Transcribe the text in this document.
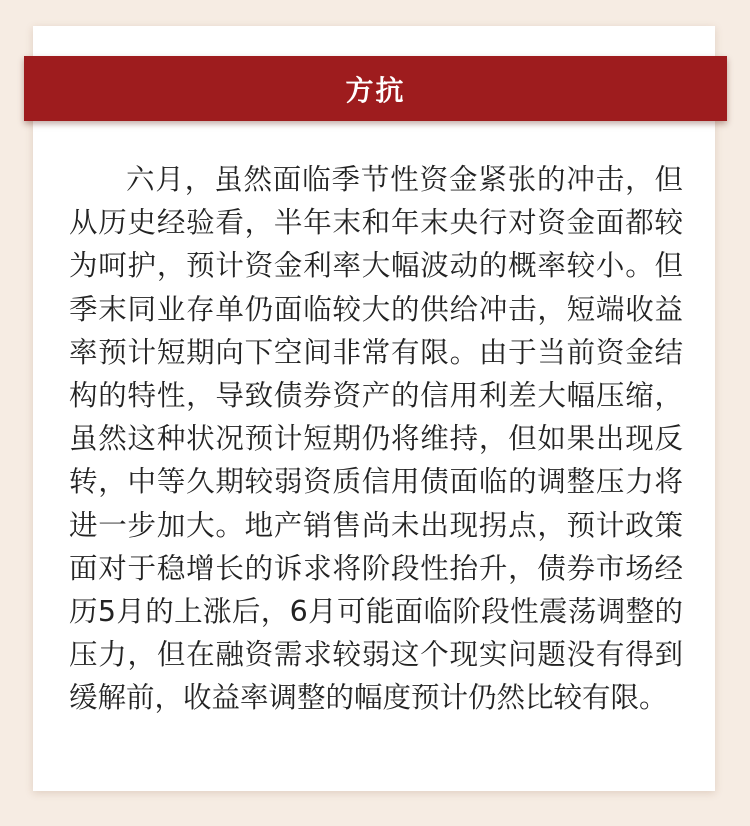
方抗

六月，虽然面临季节性资金紧张的冲击，但从历史经验看，半年末和年末央行对资金面都较为呵护，预计资金利率大幅波动的概率较小。但季末同业存单仍面临较大的供给冲击，短端收益率预计短期向下空间非常有限。由于当前资金结构的特性，导致债券资产的信用利差大幅压缩，虽然这种状况预计短期仍将维持，但如果出现反转，中等久期较弱资质信用债面临的调整压力将进一步加大。地产销售尚未出现拐点，预计政策面对于稳增长的诉求将阶段性抬升，债券市场经历5月的上涨后，6月可能面临阶段性震荡调整的压力，但在融资需求较弱这个现实问题没有得到缓解前，收益率调整的幅度预计仍然比较有限。
